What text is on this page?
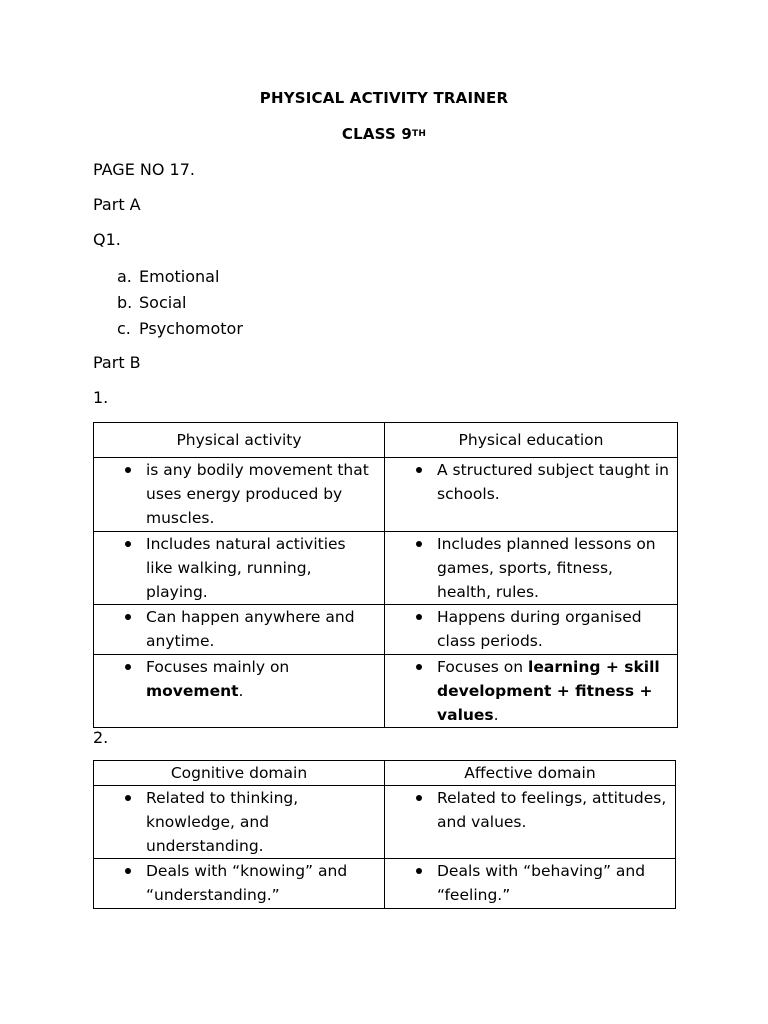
PHYSICAL ACTIVITY TRAINER
CLASS 9TH
PAGE NO 17.
Part A
Q1.
a. Emotional
b. Social
c. Psychomotor
Part B
1.
Physical activity	Physical education

is any bodily movement that uses energy produced by muscles.	A structured subject taught in schools.

Includes natural activities like walking, running, playing.	Includes planned lessons on games, sports, fitness, health, rules.

Can happen anywhere and anytime.	Happens during organised class periods.

Focuses mainly on movement.	Focuses on learning + skill development + fitness + values.
2.
Cognitive domain	Affective domain

Related to thinking, knowledge, and understanding.	Related to feelings, attitudes, and values.

Deals with “knowing” and “understanding.”	Deals with “behaving” and “feeling.”
